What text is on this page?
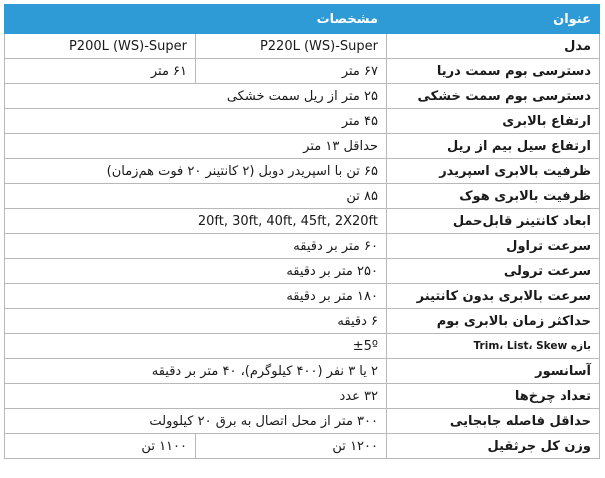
عنوان	مشخصات	
مدل	P220L (WS)-Super	P200L (WS)-Super
دسترسی بوم سمت دریا	۶۷ متر	۶۱ متر
دسترسی بوم سمت خشکی	۲۵ متر از ریل سمت خشکی	
ارتفاع بالابری	۴۵ متر	
ارتفاع سیل بیم از ریل	حداقل ۱۳ متر	
ظرفیت بالابری اسپریدر	۶۵ تن با اسپریدر دوبل (۲ کانتینر ۲۰ فوت هم‌زمان)	
ظرفیت بالابری هوک	۸۵ تن	
ابعاد کانتینر قابل‌حمل	20ft, 30ft, 40ft, 45ft, 2X20ft	
سرعت تراول	۶۰ متر بر دقیقه	
سرعت ترولی	۲۵۰ متر بر دقیقه	
سرعت بالابری بدون کانتینر	۱۸۰ متر بر دقیقه	
حداکثر زمان بالابری بوم	۶ دقیقه	
بازه Trim، List، Skew	±5º	
آسانسور	۲ یا ۳ نفر (۴۰۰ کیلوگرم)، ۴۰ متر بر دقیقه	
تعداد چرخ‌ها	۳۲ عدد	
حداقل فاصله جابجایی	۳۰۰ متر از محل اتصال به برق ۲۰ کیلوولت	
وزن کل جرثقیل	۱۲۰۰ تن	۱۱۰۰ تن
